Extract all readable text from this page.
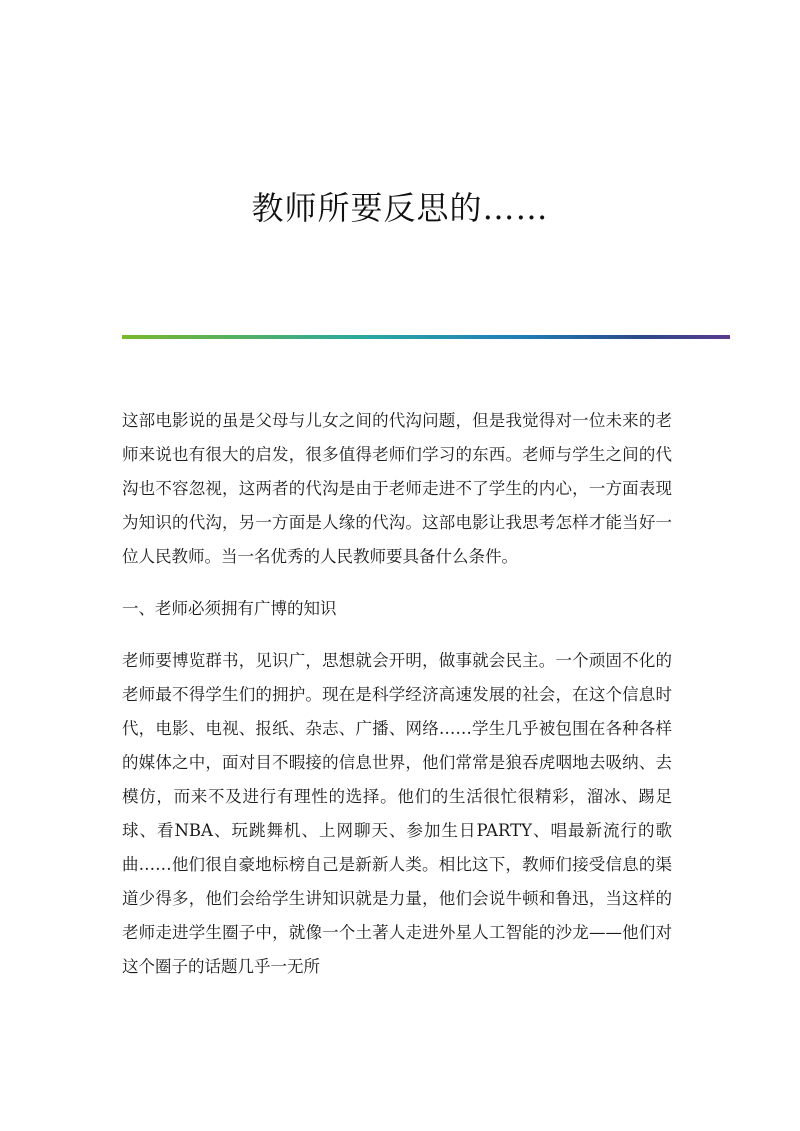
教师所要反思的……

这部电影说的虽是父母与儿女之间的代沟问题，但是我觉得对一位未来的老师来说也有很大的启发，很多值得老师们学习的东西。老师与学生之间的代沟也不容忽视，这两者的代沟是由于老师走进不了学生的内心，一方面表现为知识的代沟，另一方面是人缘的代沟。这部电影让我思考怎样才能当好一位人民教师。当一名优秀的人民教师要具备什么条件。

一、老师必须拥有广博的知识

老师要博览群书，见识广，思想就会开明，做事就会民主。一个顽固不化的老师最不得学生们的拥护。现在是科学经济高速发展的社会，在这个信息时代，电影、电视、报纸、杂志、广播、网络……学生几乎被包围在各种各样的媒体之中，面对目不暇接的信息世界，他们常常是狼吞虎咽地去吸纳、去模仿，而来不及进行有理性的选择。他们的生活很忙很精彩，溜冰、踢足球、看NBA、玩跳舞机、上网聊天、参加生日PARTY、唱最新流行的歌曲……他们很自豪地标榜自己是新新人类。相比这下，教师们接受信息的渠道少得多，他们会给学生讲知识就是力量，他们会说牛顿和鲁迅，当这样的老师走进学生圈子中，就像一个土著人走进外星人工智能的沙龙——他们对这个圈子的话题几乎一无所
